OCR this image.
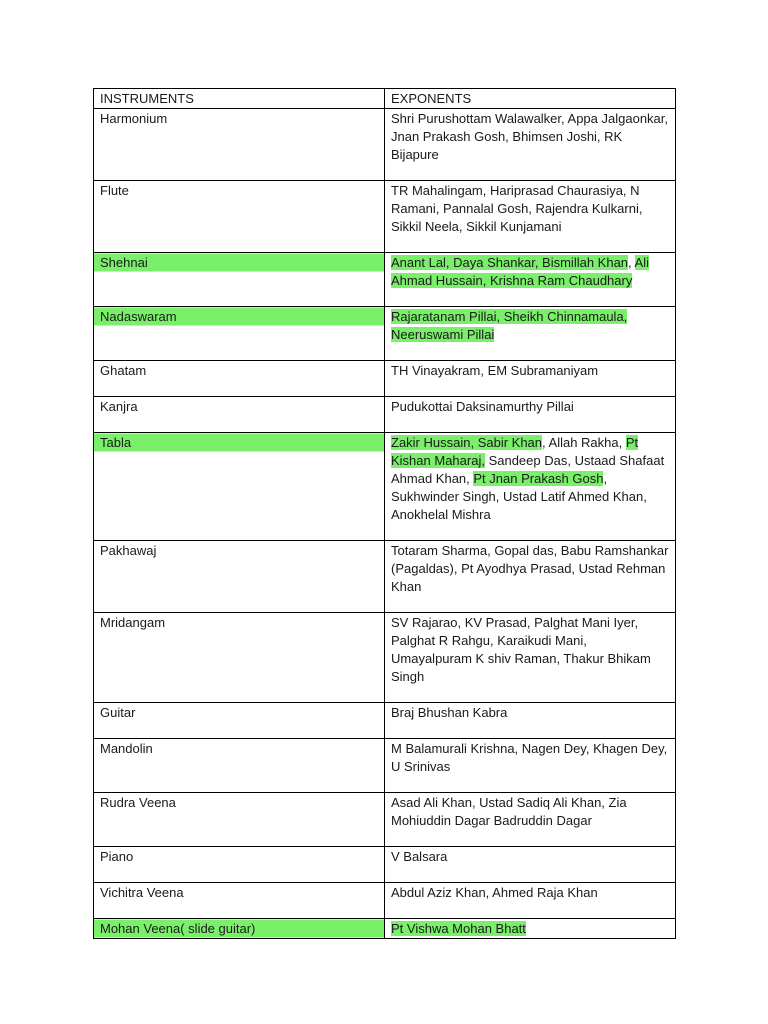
INSTRUMENTS	EXPONENTS
Harmonium	Shri Purushottam Walawalker, Appa Jalgaonkar, Jnan Prakash Gosh, Bhimsen Joshi, RK Bijapure
Flute	TR Mahalingam, Hariprasad Chaurasiya, N Ramani, Pannalal Gosh, Rajendra Kulkarni, Sikkil Neela, Sikkil Kunjamani
Shehnai	Anant Lal, Daya Shankar, Bismillah Khan, Ali Ahmad Hussain, Krishna Ram Chaudhary
Nadaswaram	Rajaratanam Pillai, Sheikh Chinnamaula, Neeruswami Pillai
Ghatam	TH Vinayakram, EM Subramaniyam
Kanjra	Pudukottai Daksinamurthy Pillai
Tabla	Zakir Hussain, Sabir Khan, Allah Rakha, Pt Kishan Maharaj, Sandeep Das, Ustaad Shafaat Ahmad Khan, Pt Jnan Prakash Gosh, Sukhwinder Singh, Ustad Latif Ahmed Khan, Anokhelal Mishra
Pakhawaj	Totaram Sharma, Gopal das, Babu Ramshankar (Pagaldas), Pt Ayodhya Prasad, Ustad Rehman Khan
Mridangam	SV Rajarao, KV Prasad, Palghat Mani Iyer, Palghat R Rahgu, Karaikudi Mani, Umayalpuram K shiv Raman, Thakur Bhikam Singh
Guitar	Braj Bhushan Kabra
Mandolin	M Balamurali Krishna, Nagen Dey, Khagen Dey, U Srinivas
Rudra Veena	Asad Ali Khan, Ustad Sadiq Ali Khan, Zia Mohiuddin Dagar Badruddin Dagar
Piano	V Balsara
Vichitra Veena	Abdul Aziz Khan, Ahmed Raja Khan
Mohan Veena( slide guitar)	Pt Vishwa Mohan Bhatt
